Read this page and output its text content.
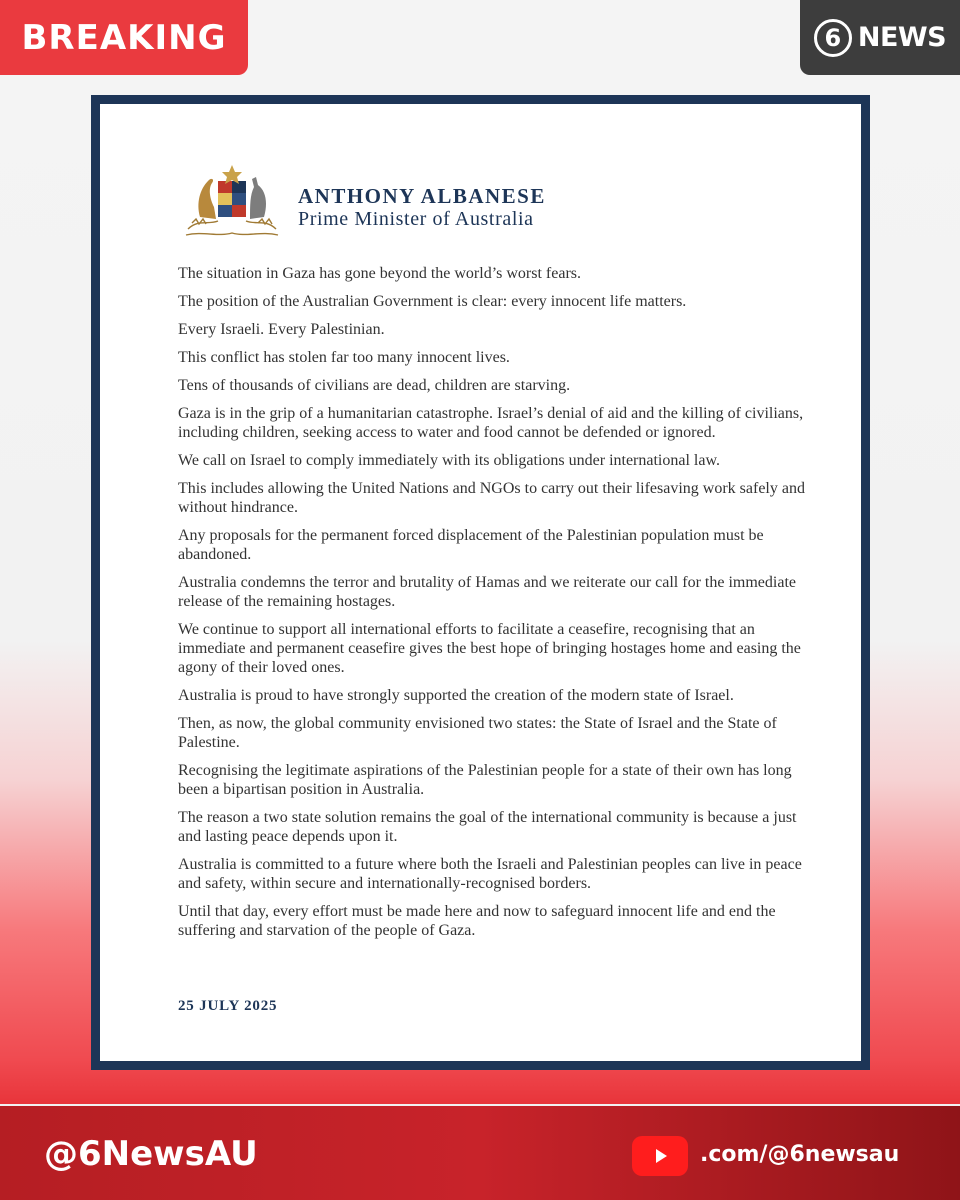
BREAKING	6 NEWS
ANTHONY ALBANESE
Prime Minister of Australia

The situation in Gaza has gone beyond the world’s worst fears.

The position of the Australian Government is clear: every innocent life matters.

Every Israeli. Every Palestinian.

This conflict has stolen far too many innocent lives.

Tens of thousands of civilians are dead, children are starving.

Gaza is in the grip of a humanitarian catastrophe. Israel’s denial of aid and the killing of civilians, including children, seeking access to water and food cannot be defended or ignored.

We call on Israel to comply immediately with its obligations under international law.

This includes allowing the United Nations and NGOs to carry out their lifesaving work safely and without hindrance.

Any proposals for the permanent forced displacement of the Palestinian population must be abandoned.

Australia condemns the terror and brutality of Hamas and we reiterate our call for the immediate release of the remaining hostages.

We continue to support all international efforts to facilitate a ceasefire, recognising that an immediate and permanent ceasefire gives the best hope of bringing hostages home and easing the agony of their loved ones.

Australia is proud to have strongly supported the creation of the modern state of Israel.

Then, as now, the global community envisioned two states: the State of Israel and the State of Palestine.

Recognising the legitimate aspirations of the Palestinian people for a state of their own has long been a bipartisan position in Australia.

The reason a two state solution remains the goal of the international community is because a just and lasting peace depends upon it.

Australia is committed to a future where both the Israeli and Palestinian peoples can live in peace and safety, within secure and internationally-recognised borders.

Until that day, every effort must be made here and now to safeguard innocent life and end the suffering and starvation of the people of Gaza.

25 JULY 2025
@6NewsAU	.com/@6newsau
